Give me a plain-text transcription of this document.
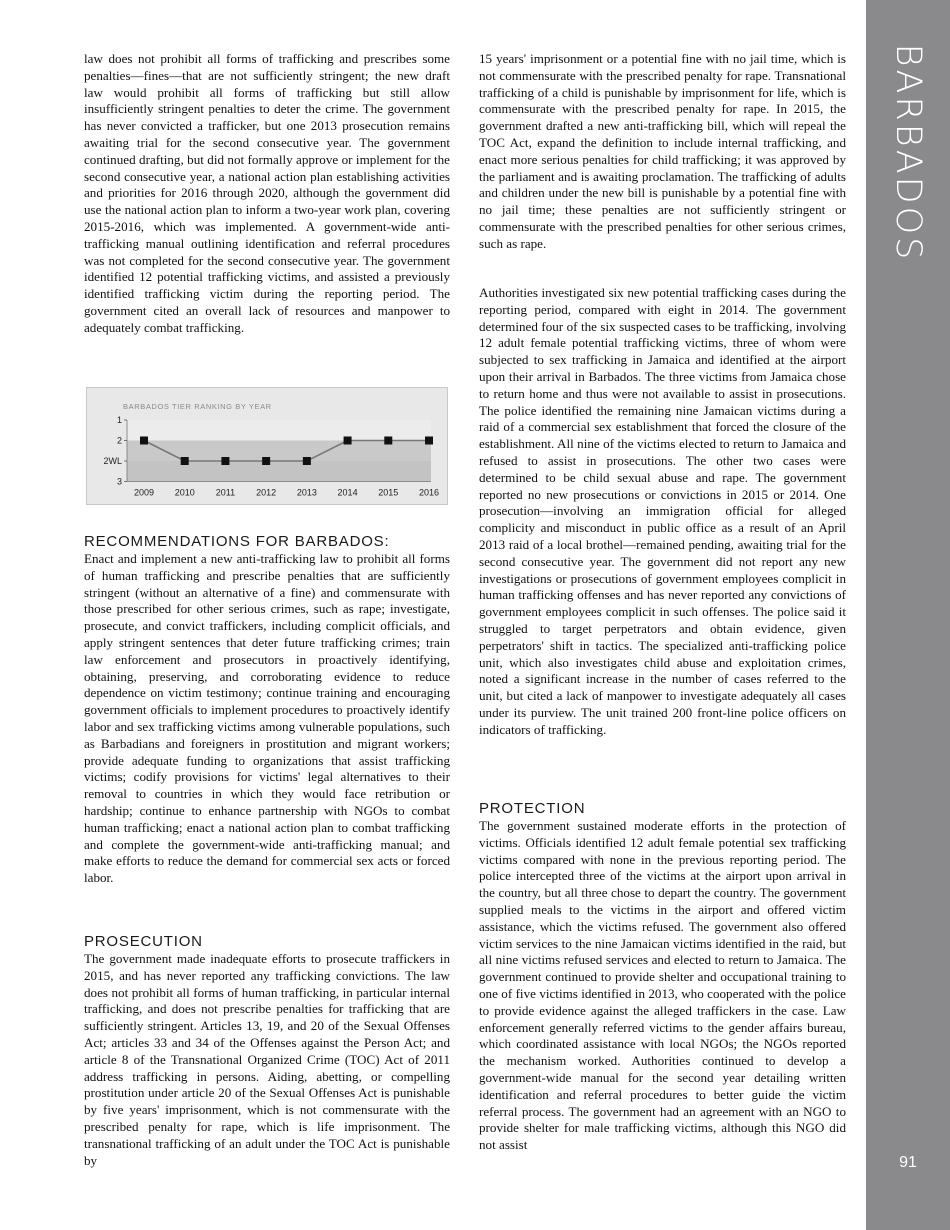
law does not prohibit all forms of trafficking and prescribes some penalties—fines—that are not sufficiently stringent; the new draft law would prohibit all forms of trafficking but still allow insufficiently stringent penalties to deter the crime. The government has never convicted a trafficker, but one 2013 prosecution remains awaiting trial for the second consecutive year. The government continued drafting, but did not formally approve or implement for the second consecutive year, a national action plan establishing activities and priorities for 2016 through 2020, although the government did use the national action plan to inform a two-year work plan, covering 2015-2016, which was implemented. A government-wide anti-trafficking manual outlining identification and referral procedures was not completed for the second consecutive year. The government identified 12 potential trafficking victims, and assisted a previously identified trafficking victim during the reporting period. The government cited an overall lack of resources and manpower to adequately combat trafficking.

BARBADOS TIER RANKING BY YEAR
1
2
2WL
3
2009 2010 2011 2012 2013 2014 2015 2016
RECOMMENDATIONS FOR BARBADOS:

Enact and implement a new anti-trafficking law to prohibit all forms of human trafficking and prescribe penalties that are sufficiently stringent (without an alternative of a fine) and commensurate with those prescribed for other serious crimes, such as rape; investigate, prosecute, and convict traffickers, including complicit officials, and apply stringent sentences that deter future trafficking crimes; train law enforcement and prosecutors in proactively identifying, obtaining, preserving, and corroborating evidence to reduce dependence on victim testimony; continue training and encouraging government officials to implement procedures to proactively identify labor and sex trafficking victims among vulnerable populations, such as Barbadians and foreigners in prostitution and migrant workers; provide adequate funding to organizations that assist trafficking victims; codify provisions for victims' legal alternatives to their removal to countries in which they would face retribution or hardship; continue to enhance partnership with NGOs to combat human trafficking; enact a national action plan to combat trafficking and complete the government-wide anti-trafficking manual; and make efforts to reduce the demand for commercial sex acts or forced labor.

PROSECUTION

The government made inadequate efforts to prosecute traffickers in 2015, and has never reported any trafficking convictions. The law does not prohibit all forms of human trafficking, in particular internal trafficking, and does not prescribe penalties for trafficking that are sufficiently stringent. Articles 13, 19, and 20 of the Sexual Offenses Act; articles 33 and 34 of the Offenses against the Person Act; and article 8 of the Transnational Organized Crime (TOC) Act of 2011 address trafficking in persons. Aiding, abetting, or compelling prostitution under article 20 of the Sexual Offenses Act is punishable by five years' imprisonment, which is not commensurate with the prescribed penalty for rape, which is life imprisonment. The transnational trafficking of an adult under the TOC Act is punishable by

15 years' imprisonment or a potential fine with no jail time, which is not commensurate with the prescribed penalty for rape. Transnational trafficking of a child is punishable by imprisonment for life, which is commensurate with the prescribed penalty for rape. In 2015, the government drafted a new anti-trafficking bill, which will repeal the TOC Act, expand the definition to include internal trafficking, and enact more serious penalties for child trafficking; it was approved by the parliament and is awaiting proclamation. The trafficking of adults and children under the new bill is punishable by a potential fine with no jail time; these penalties are not sufficiently stringent or commensurate with the prescribed penalties for other serious crimes, such as rape.

Authorities investigated six new potential trafficking cases during the reporting period, compared with eight in 2014. The government determined four of the six suspected cases to be trafficking, involving 12 adult female potential trafficking victims, three of whom were subjected to sex trafficking in Jamaica and identified at the airport upon their arrival in Barbados. The three victims from Jamaica chose to return home and thus were not available to assist in prosecutions. The police identified the remaining nine Jamaican victims during a raid of a commercial sex establishment that forced the closure of the establishment. All nine of the victims elected to return to Jamaica and refused to assist in prosecutions. The other two cases were determined to be child sexual abuse and rape. The government reported no new prosecutions or convictions in 2015 or 2014. One prosecution—involving an immigration official for alleged complicity and misconduct in public office as a result of an April 2013 raid of a local brothel—remained pending, awaiting trial for the second consecutive year. The government did not report any new investigations or prosecutions of government employees complicit in human trafficking offenses and has never reported any convictions of government employees complicit in such offenses. The police said it struggled to target perpetrators and obtain evidence, given perpetrators' shift in tactics. The specialized anti-trafficking police unit, which also investigates child abuse and exploitation crimes, noted a significant increase in the number of cases referred to the unit, but cited a lack of manpower to investigate adequately all cases under its purview. The unit trained 200 front-line police officers on indicators of trafficking.

PROTECTION

The government sustained moderate efforts in the protection of victims. Officials identified 12 adult female potential sex trafficking victims compared with none in the previous reporting period. The police intercepted three of the victims at the airport upon arrival in the country, but all three chose to depart the country. The government supplied meals to the victims in the airport and offered victim assistance, which the victims refused. The government also offered victim services to the nine Jamaican victims identified in the raid, but all nine victims refused services and elected to return to Jamaica. The government continued to provide shelter and occupational training to one of five victims identified in 2013, who cooperated with the police to provide evidence against the alleged traffickers in the case. Law enforcement generally referred victims to the gender affairs bureau, which coordinated assistance with local NGOs; the NGOs reported the mechanism worked. Authorities continued to develop a government-wide manual for the second year detailing written identification and referral procedures to better guide the victim referral process. The government had an agreement with an NGO to provide shelter for male trafficking victims, although this NGO did not assist

BARBADOS
91
